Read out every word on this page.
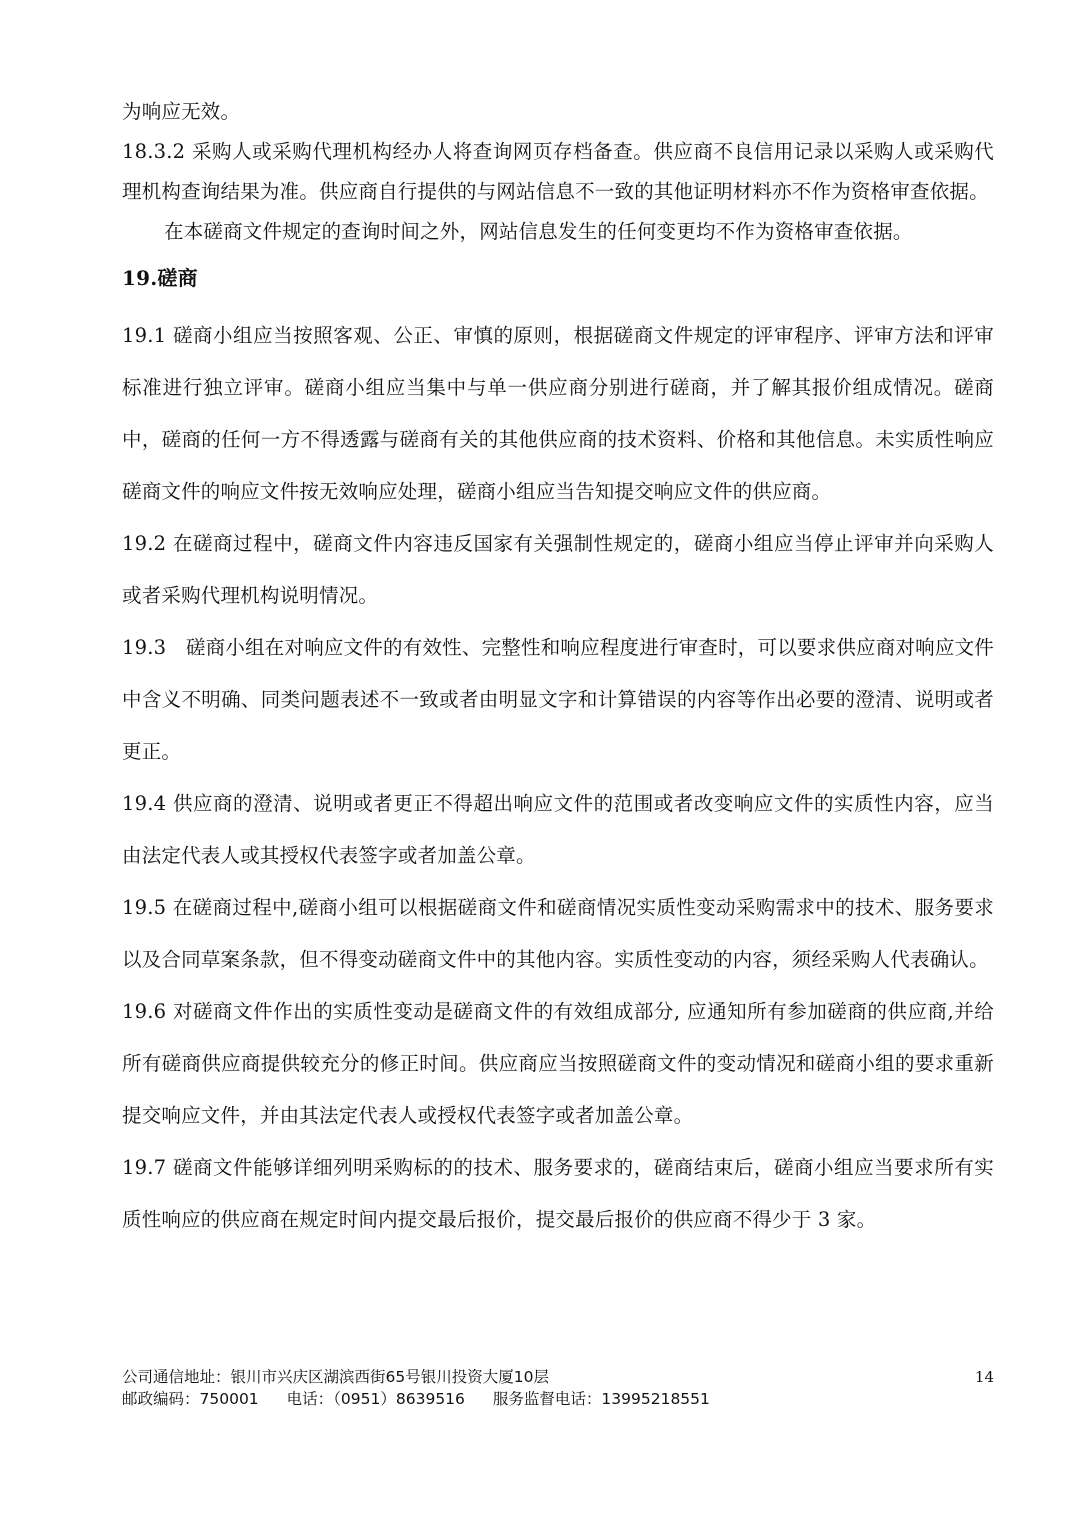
为响应无效。

18.3.2 采购人或采购代理机构经办人将查询网页存档备查。供应商不良信用记录以采购人或采购代理机构查询结果为准。供应商自行提供的与网站信息不一致的其他证明材料亦不作为资格审查依据。

在本磋商文件规定的查询时间之外，网站信息发生的任何变更均不作为资格审查依据。

19.磋商

19.1 磋商小组应当按照客观、公正、审慎的原则，根据磋商文件规定的评审程序、评审方法和评审标准进行独立评审。磋商小组应当集中与单一供应商分别进行磋商，并了解其报价组成情况。磋商中，磋商的任何一方不得透露与磋商有关的其他供应商的技术资料、价格和其他信息。未实质性响应磋商文件的响应文件按无效响应处理，磋商小组应当告知提交响应文件的供应商。

19.2 在磋商过程中，磋商文件内容违反国家有关强制性规定的，磋商小组应当停止评审并向采购人或者采购代理机构说明情况。

19.3　磋商小组在对响应文件的有效性、完整性和响应程度进行审查时，可以要求供应商对响应文件中含义不明确、同类问题表述不一致或者由明显文字和计算错误的内容等作出必要的澄清、说明或者更正。

19.4 供应商的澄清、说明或者更正不得超出响应文件的范围或者改变响应文件的实质性内容，应当由法定代表人或其授权代表签字或者加盖公章。

19.5 在磋商过程中,磋商小组可以根据磋商文件和磋商情况实质性变动采购需求中的技术、服务要求以及合同草案条款，但不得变动磋商文件中的其他内容。实质性变动的内容，须经采购人代表确认。

19.6 对磋商文件作出的实质性变动是磋商文件的有效组成部分, 应通知所有参加磋商的供应商,并给所有磋商供应商提供较充分的修正时间。供应商应当按照磋商文件的变动情况和磋商小组的要求重新提交响应文件，并由其法定代表人或授权代表签字或者加盖公章。

19.7 磋商文件能够详细列明采购标的的技术、服务要求的，磋商结束后，磋商小组应当要求所有实质性响应的供应商在规定时间内提交最后报价，提交最后报价的供应商不得少于 3 家。

公司通信地址：银川市兴庆区湖滨西街65号银川投资大厦10层
邮政编码：750001 电话：（0951）8639516 服务监督电话：13995218551
14
